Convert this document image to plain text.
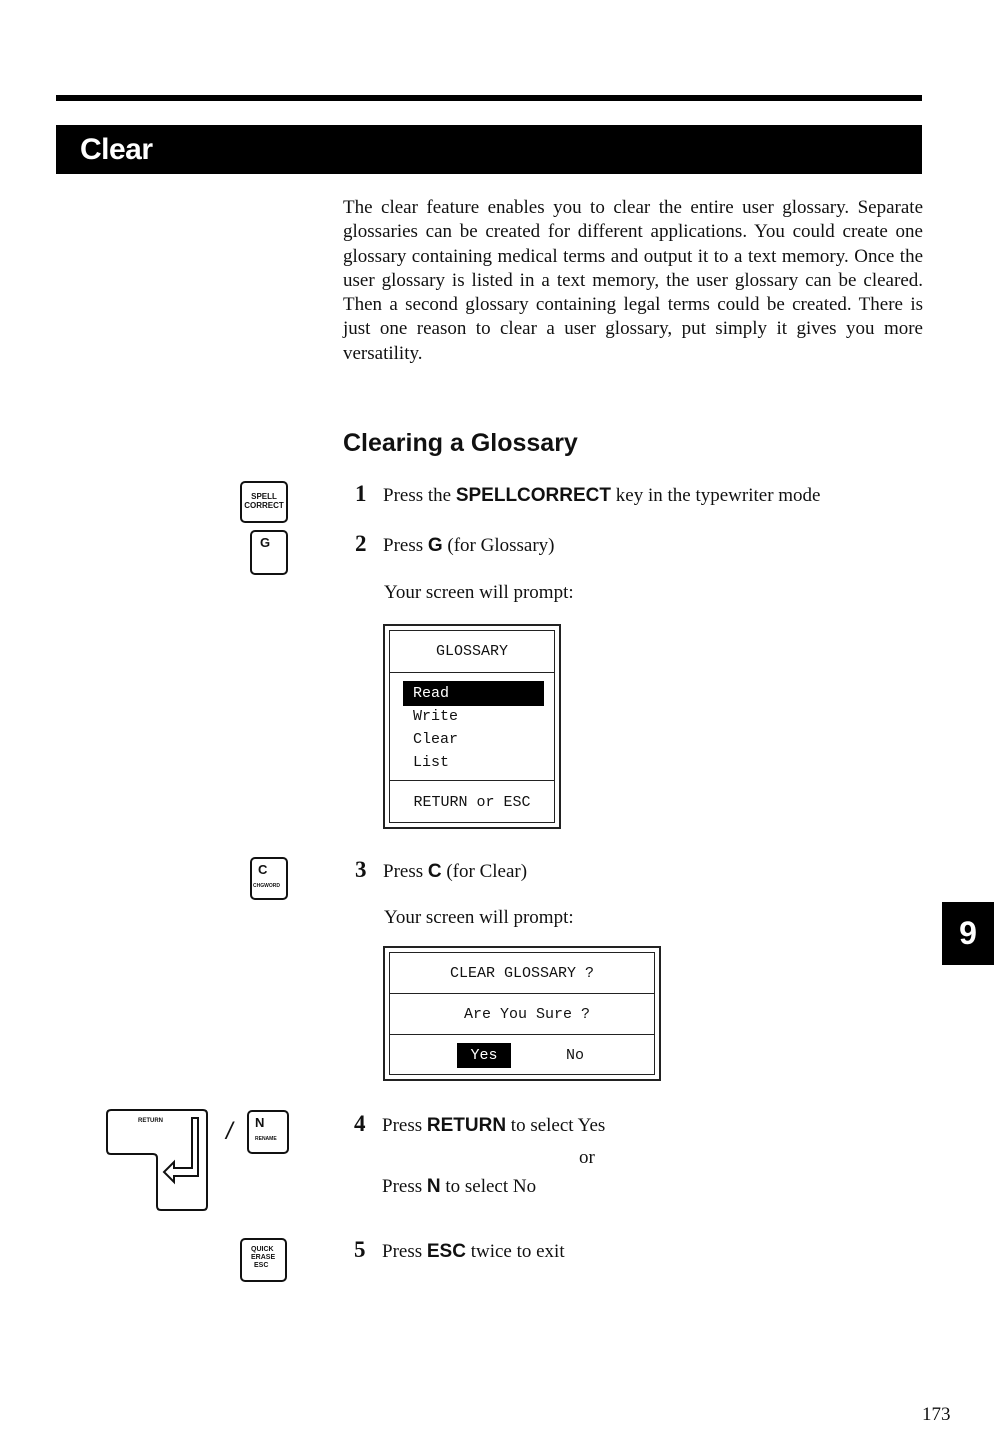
Clear
The clear feature enables you to clear the entire user glossary. Separate glossaries can be created for different applications. You could create one glossary containing medical terms and output it to a text memory. Once the user glossary is listed in a text memory, the user glossary can be cleared. Then a second glossary containing legal terms could be created. There is just one reason to clear a user glossary, put simply it gives you more versatility.
Clearing a Glossary
SPELL
CORRECT
G
1 Press the SPELLCORRECT key in the typewriter mode
2 Press G (for Glossary)
Your screen will prompt:
GLOSSARY
Read
Write
Clear
List
RETURN or ESC
C
CHGWORD
3 Press C (for Clear)
Your screen will prompt:
CLEAR GLOSSARY ?
Are You Sure ?
Yes	No
RETURN	/ N
RENAME
4 Press RETURN to select Yes
or
Press N to select No
QUICK
ERASE
ESC
5 Press ESC twice to exit
9
173
